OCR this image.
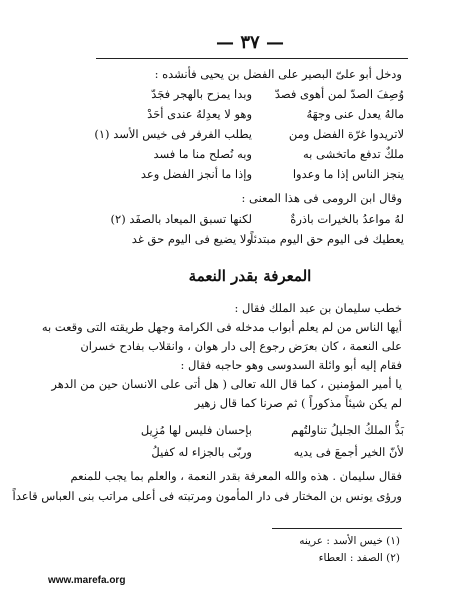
— ٣٧ —
ودخل أبو علىّ البصير على الفضل بن يحيى فأنشده :
وُصِفَ الصدّ لمن أهوى فصدّ
وبدا يمزح بالهجر فجَدّ
مالهُ يعدل عنى وجهَهُ
وهو لا يعدِلهُ عندى أحَدْ
لاتريدوا غرّة الفضل ومن
يطلب الفرفر فى خيس الأسد (١)
ملكٌ تدفع ماتخشى به
وبه نُصلح منا ما فسد
ينجز الناس إذا ما وعدوا
وإذا ما أنجز الفضل وعد
وقال ابن الرومى فى هذا المعنى :
لهُ مواعدُ بالخيرات باذرةٌ
لكنها تسبق الميعاد بالصفَد (٢)
يعطيك فى اليوم حق اليوم مبتدئاً
ولا يضيع فى اليوم حق غد
المعرفة بقدر النعمة
خطب سليمان بن عبد الملك فقال :
أيها الناس من لم يعلم أبواب مدخله فى الكرامة وجهل طريقته التى وقعت به
على النعمة ، كان بعرَض رجوع إلى دار هوان ، وانقلاب بفادح خسران
فقام إليه أبو وائلة السدوسى وهو حاجبه فقال :
يا أمير المؤمنين ، كما قال الله تعالى ( هل أتى على الانسان حين من الدهر
لم يكن شيئاً مذكوراً ) ثم صرنا كما قال زهير
بَذُّ الملكُ الجليلُ تناولتُهم
بإحسان فليس لها مُزِيل
لأنّ الخير أجمعَ فى يديه
وربّى بالجزاء له كفيلُ
فقال سليمان . هذه والله المعرفة بقدر النعمة ، والعلم بما يجب للمنعم
ورؤى يونس بن المختار فى دار المأمون ومرتبته فى أعلى مراتب بنى العباس قاعداً
(١) خيس الأسد : عرينه
(٢) الصفد : العطاء
www.marefa.org
